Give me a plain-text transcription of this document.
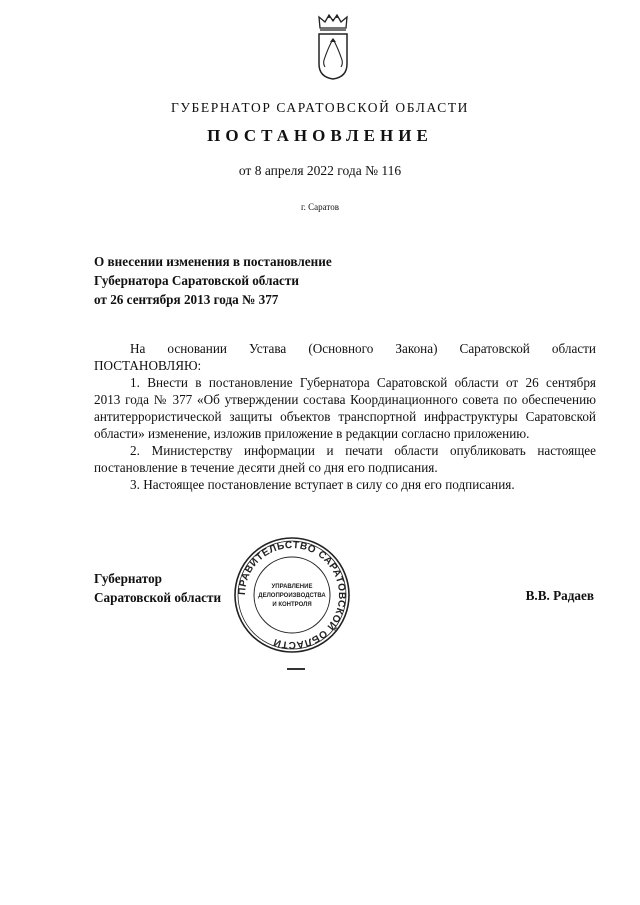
ГУБЕРНАТОР САРАТОВСКОЙ ОБЛАСТИ
ПОСТАНОВЛЕНИЕ
от 8 апреля 2022 года № 116
г. Саратов
О внесении изменения в постановление
Губернатора Саратовской области
от 26 сентября 2013 года № 377
На основании Устава (Основного Закона) Саратовской области
ПОСТАНОВЛЯЮ:
1. Внести в постановление Губернатора Саратовской области от 26 сентября
2013 года № 377 «Об утверждении состава Координационного совета по обеспечению
антитеррористической защиты объектов транспортной инфраструктуры Саратовской
области» изменение, изложив приложение в редакции согласно приложению.
2. Министерству информации и печати области опубликовать настоящее
постановление в течение десяти дней со дня его подписания.
3. Настоящее постановление вступает в силу со дня его подписания.
Губернатор
Саратовской области	В.В. Радаев
ПРАВИТЕЛЬСТВО САРАТОВСКОЙ ОБЛАСТИ
УПРАВЛЕНИЕ
ДЕЛОПРОИЗВОДСТВА
И КОНТРОЛЯ
